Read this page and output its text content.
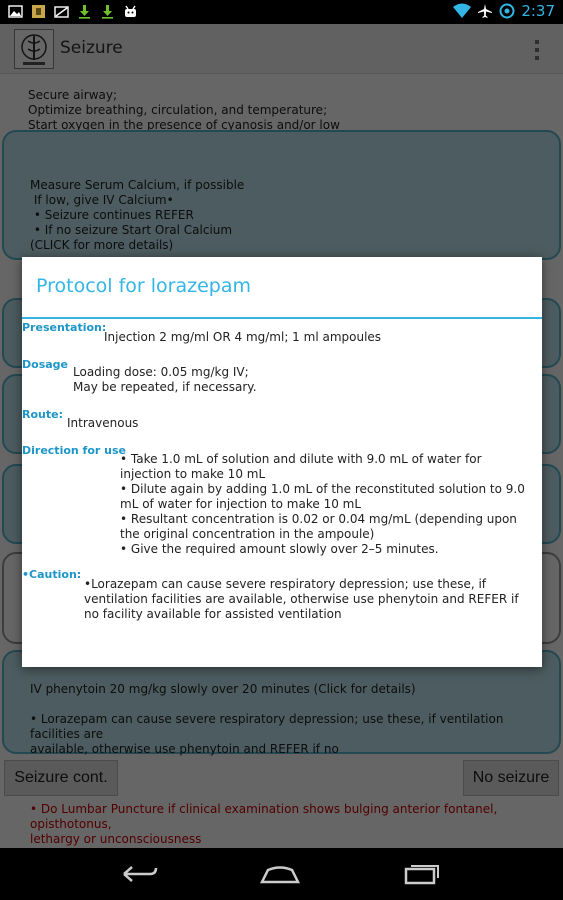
2:37
Protocol for lorazepam
Presentation:
Injection 2 mg/ml OR 4 mg/ml; 1 ml ampoules
Dosage
Loading dose: 0.05 mg/kg IV;
May be repeated, if necessary.
Route:
Intravenous
Direction for use
• Take 1.0 mL of solution and dilute with 9.0 mL of water for injection to make 10 mL
• Dilute again by adding 1.0 mL of the reconstituted solution to 9.0 mL of water for injection to make 10 mL
• Resultant concentration is 0.02 or 0.04 mg/mL (depending upon the original concentration in the ampoule)
• Give the required amount slowly over 2–5 minutes.
•Caution:
•Lorazepam can cause severe respiratory depression; use these, if ventilation facilities are available, otherwise use phenytoin and REFER if no facility available for assisted ventilation
